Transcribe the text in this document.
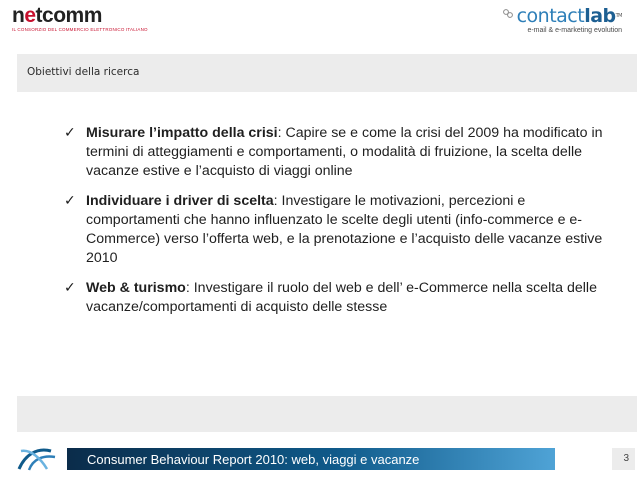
netcomm
IL CONSORZIO DEL COMMERCIO ELETTRONICO ITALIANO
contactlab™
e-mail & e-marketing evolution
Obiettivi della ricerca
✓ Misurare l’impatto della crisi: Capire se e come la crisi del 2009 ha modificato in termini di atteggiamenti e comportamenti, o modalità di fruizione, la scelta delle vacanze estive e l’acquisto di viaggi online
✓ Individuare i driver di scelta: Investigare le motivazioni, percezioni e comportamenti che hanno influenzato le scelte degli utenti (info-commerce e e-Commerce) verso l’offerta web, e la prenotazione e l’acquisto delle vacanze estive 2010
✓ Web & turismo: Investigare il ruolo del web e dell’ e-Commerce nella scelta delle vacanze/comportamenti di acquisto delle stesse
Consumer Behaviour Report 2010: web, viaggi e vacanze	3
